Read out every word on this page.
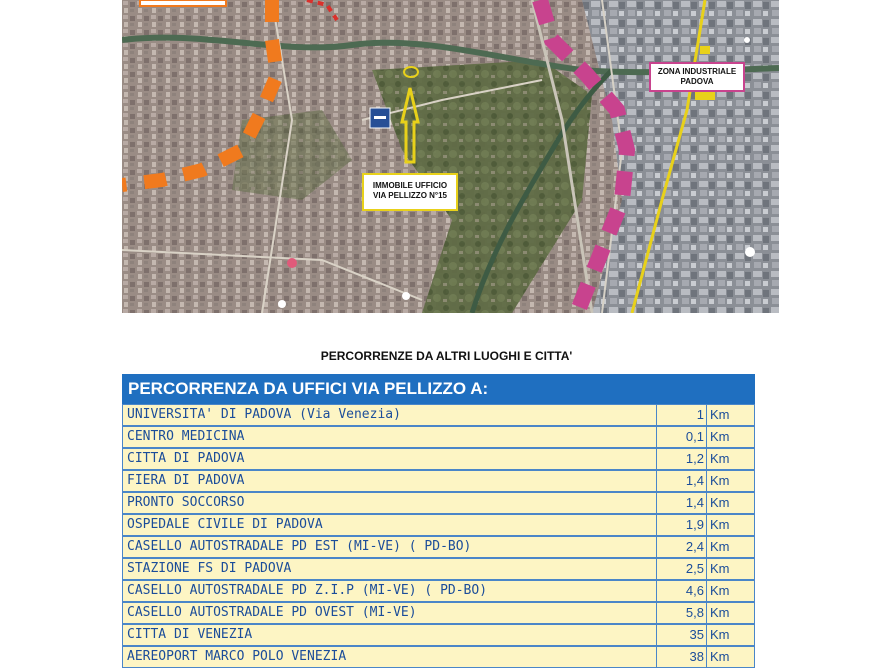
IMMOBILE UFFICIO
VIA PELLIZZO N°15
ZONA INDUSTRIALE
PADOVA
PERCORRENZE DA ALTRI LUOGHI E CITTA'
PERCORRENZA DA UFFICI VIA PELLIZZO A:
UNIVERSITA' DI PADOVA (Via Venezia)	1 Km
CENTRO MEDICINA	0,1 Km
CITTA DI PADOVA	1,2 Km
FIERA DI PADOVA	1,4 Km
PRONTO SOCCORSO	1,4 Km
OSPEDALE CIVILE DI PADOVA	1,9 Km
CASELLO AUTOSTRADALE PD EST (MI-VE) ( PD-BO)	2,4 Km
STAZIONE FS DI PADOVA	2,5 Km
CASELLO AUTOSTRADALE PD Z.I.P (MI-VE) ( PD-BO)	4,6 Km
CASELLO AUTOSTRADALE PD OVEST (MI-VE)	5,8 Km
CITTA DI VENEZIA	35 Km
AEREOPORT MARCO POLO VENEZIA	38 Km
